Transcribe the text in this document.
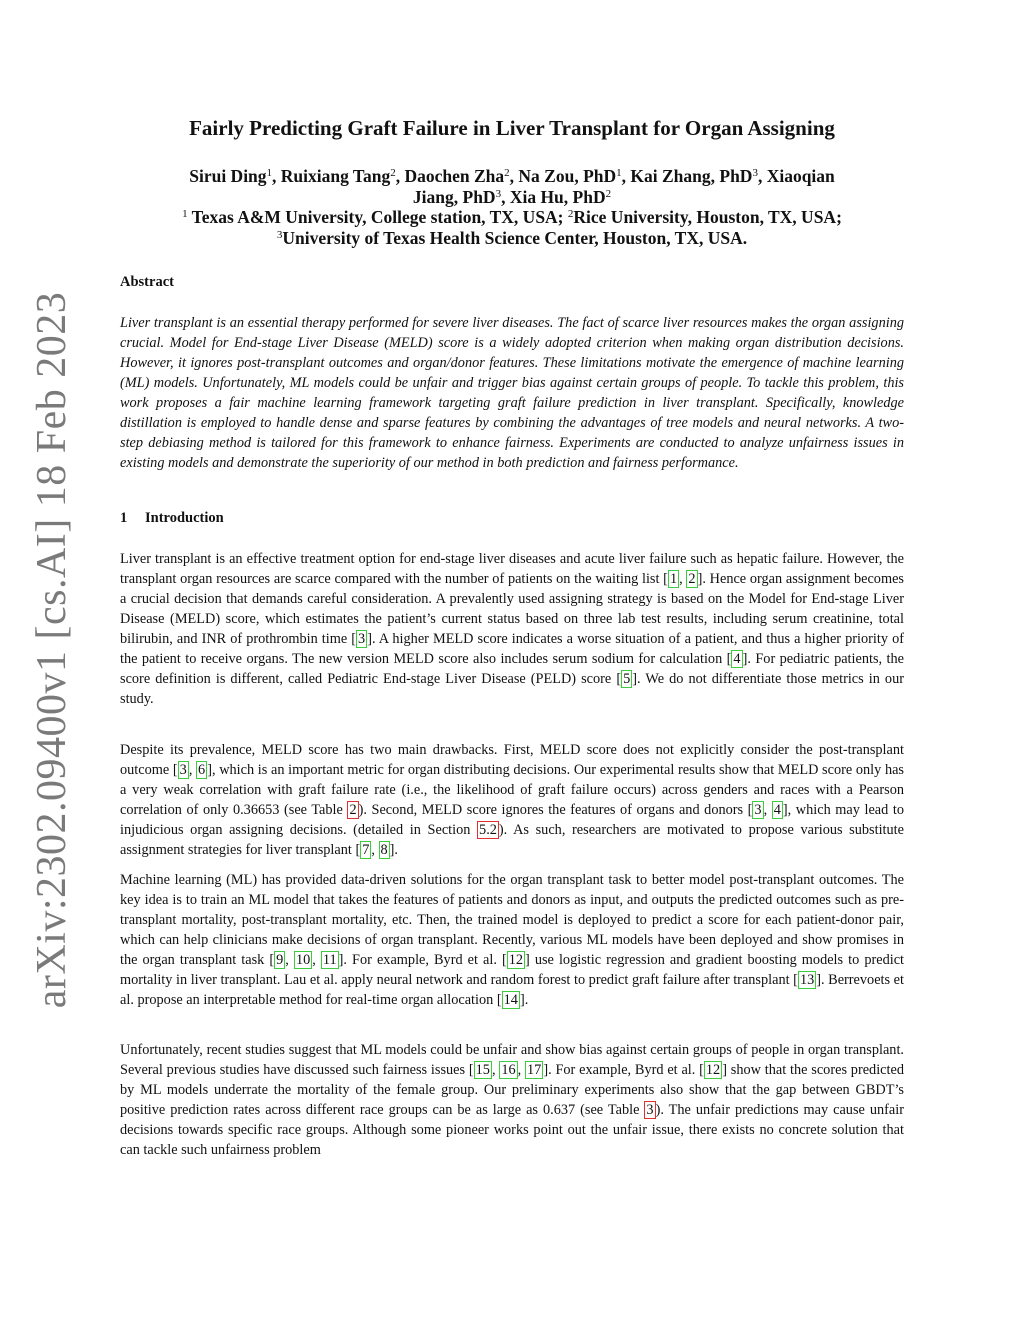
arXiv:2302.09400v1 [cs.AI] 18 Feb 2023
Fairly Predicting Graft Failure in Liver Transplant for Organ Assigning
Sirui Ding$^1$, Ruixiang Tang$^2$, Daochen Zha$^2$, Na Zou, PhD$^1$, Kai Zhang, PhD$^3$, Xiaoqian
Jiang, PhD$^3$, Xia Hu, PhD$^2$
$^1$ Texas A&M University, College station, TX, USA; $^2$Rice University, Houston, TX, USA;
$^3$University of Texas Health Science Center, Houston, TX, USA.
Abstract

Liver transplant is an essential therapy performed for severe liver diseases. The fact of scarce liver resources makes the organ assigning crucial. Model for End-stage Liver Disease (MELD) score is a widely adopted criterion when making organ distribution decisions. However, it ignores post-transplant outcomes and organ/donor features. These limitations motivate the emergence of machine learning (ML) models. Unfortunately, ML models could be unfair and trigger bias against certain groups of people. To tackle this problem, this work proposes a fair machine learning framework targeting graft failure prediction in liver transplant. Specifically, knowledge distillation is employed to handle dense and sparse features by combining the advantages of tree models and neural networks. A two-step debiasing method is tailored for this framework to enhance fairness. Experiments are conducted to analyze unfairness issues in existing models and demonstrate the superiority of our method in both prediction and fairness performance.

1 Introduction

Liver transplant is an effective treatment option for end-stage liver diseases and acute liver failure such as hepatic failure. However, the transplant organ resources are scarce compared with the number of patients on the waiting list [ 1 , 2 ]. Hence organ assignment becomes a crucial decision that demands careful consideration. A prevalently used assigning strategy is based on the Model for End-stage Liver Disease (MELD) score, which estimates the patient’s current status based on three lab test results, including serum creatinine, total bilirubin, and INR of prothrombin time [ 3 ]. A higher MELD score indicates a worse situation of a patient, and thus a higher priority of the patient to receive organs. The new version MELD score also includes serum sodium for calculation [ 4 ]. For pediatric patients, the score definition is different, called Pediatric End-stage Liver Disease (PELD) score [ 5 ]. We do not differentiate those metrics in our study.

Despite its prevalence, MELD score has two main drawbacks. First, MELD score does not explicitly consider the post-transplant outcome [ 3 , 6 ], which is an important metric for organ distributing decisions. Our experimental results show that MELD score only has a very weak correlation with graft failure rate (i.e., the likelihood of graft failure occurs) across genders and races with a Pearson correlation of only 0.36653 (see Table 2 ). Second, MELD score ignores the features of organs and donors [ 3 , 4 ], which may lead to injudicious organ assigning decisions. (detailed in Section 5.2 ). As such, researchers are motivated to propose various substitute assignment strategies for liver transplant [ 7 , 8 ].

Machine learning (ML) has provided data-driven solutions for the organ transplant task to better model post-transplant outcomes. The key idea is to train an ML model that takes the features of patients and donors as input, and outputs the predicted outcomes such as pre-transplant mortality, post-transplant mortality, etc. Then, the trained model is deployed to predict a score for each patient-donor pair, which can help clinicians make decisions of organ transplant. Recently, various ML models have been deployed and show promises in the organ transplant task [ 9 , 10 , 11 ]. For example, Byrd et al. [ 12 ] use logistic regression and gradient boosting models to predict mortality in liver transplant. Lau et al. apply neural network and random forest to predict graft failure after transplant [ 13 ]. Berrevoets et al. propose an interpretable method for real-time organ allocation [ 14 ].

Unfortunately, recent studies suggest that ML models could be unfair and show bias against certain groups of people in organ transplant. Several previous studies have discussed such fairness issues [ 15 , 16 , 17 ]. For example, Byrd et al. [ 12 ] show that the scores predicted by ML models underrate the mortality of the female group. Our preliminary experiments also show that the gap between GBDT’s positive prediction rates across different race groups can be as large as 0.637 (see Table 3 ). The unfair predictions may cause unfair decisions towards specific race groups. Although some pioneer works point out the unfair issue, there exists no concrete solution that can tackle such unfairness problem
